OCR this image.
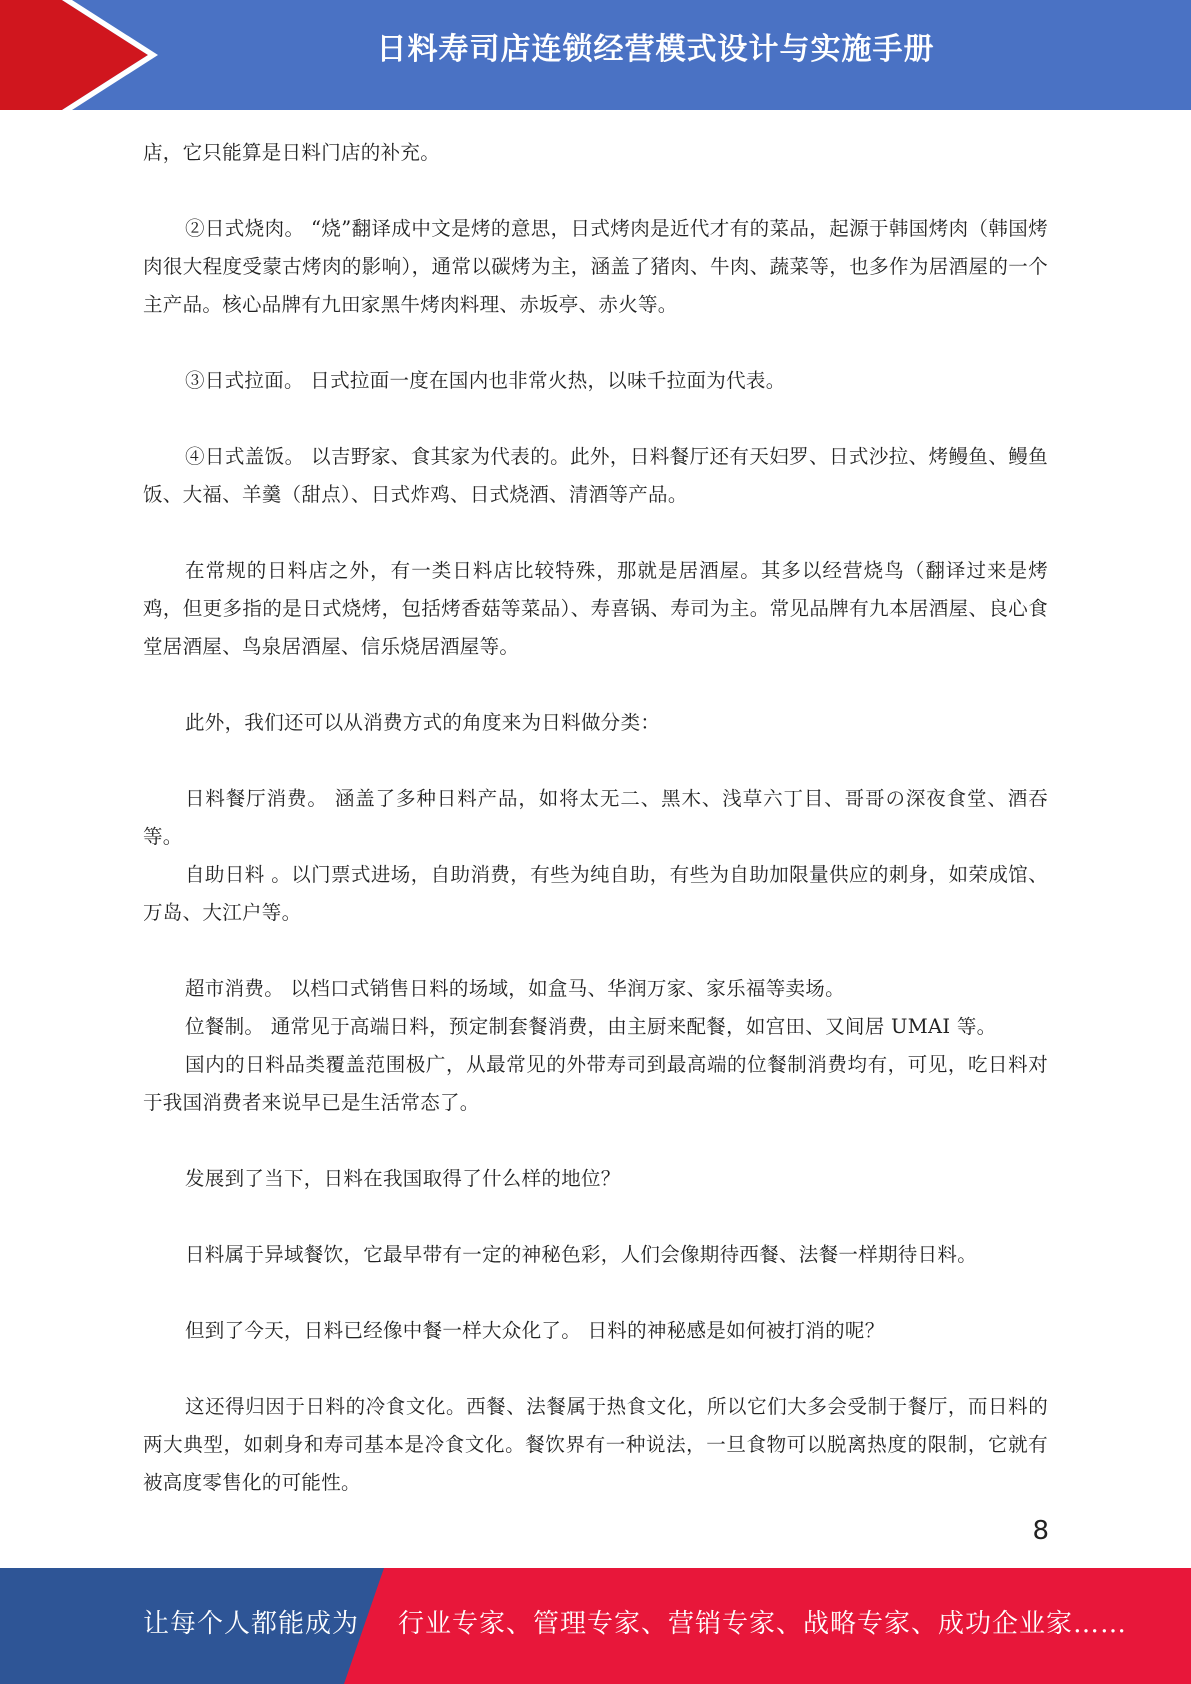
日料寿司店连锁经营模式设计与实施手册

店，它只能算是日料门店的补充。

②日式烧肉。 “烧”翻译成中文是烤的意思，日式烤肉是近代才有的菜品，起源于韩国烤肉（韩国烤肉很大程度受蒙古烤肉的影响），通常以碳烤为主，涵盖了猪肉、牛肉、蔬菜等，也多作为居酒屋的一个主产品。核心品牌有九田家黑牛烤肉料理、赤坂亭、赤火等。

③日式拉面。 日式拉面一度在国内也非常火热，以味千拉面为代表。

④日式盖饭。 以吉野家、食其家为代表的。此外，日料餐厅还有天妇罗、日式沙拉、烤鳗鱼、鳗鱼饭、大福、羊羹（甜点）、日式炸鸡、日式烧酒、清酒等产品。

在常规的日料店之外，有一类日料店比较特殊，那就是居酒屋。其多以经营烧鸟（翻译过来是烤鸡，但更多指的是日式烧烤，包括烤香菇等菜品）、寿喜锅、寿司为主。常见品牌有九本居酒屋、良心食堂居酒屋、鸟泉居酒屋、信乐烧居酒屋等。

此外，我们还可以从消费方式的角度来为日料做分类：

日料餐厅消费。 涵盖了多种日料产品，如将太无二、黑木、浅草六丁目、哥哥の深夜食堂、酒吞等。

自助日料 。以门票式进场，自助消费，有些为纯自助，有些为自助加限量供应的刺身，如荣成馆、万岛、大江户等。

超市消费。 以档口式销售日料的场域，如盒马、华润万家、家乐福等卖场。

位餐制。 通常见于高端日料，预定制套餐消费，由主厨来配餐，如宫田、又间居 UMAI 等。

国内的日料品类覆盖范围极广，从最常见的外带寿司到最高端的位餐制消费均有，可见，吃日料对于我国消费者来说早已是生活常态了。

发展到了当下，日料在我国取得了什么样的地位？

日料属于异域餐饮，它最早带有一定的神秘色彩，人们会像期待西餐、法餐一样期待日料。

但到了今天，日料已经像中餐一样大众化了。 日料的神秘感是如何被打消的呢？

这还得归因于日料的冷食文化。西餐、法餐属于热食文化，所以它们大多会受制于餐厅，而日料的两大典型，如刺身和寿司基本是冷食文化。餐饮界有一种说法，一旦食物可以脱离热度的限制，它就有被高度零售化的可能性。

8
让每个人都能成为 行业专家、管理专家、营销专家、战略专家、成功企业家……
